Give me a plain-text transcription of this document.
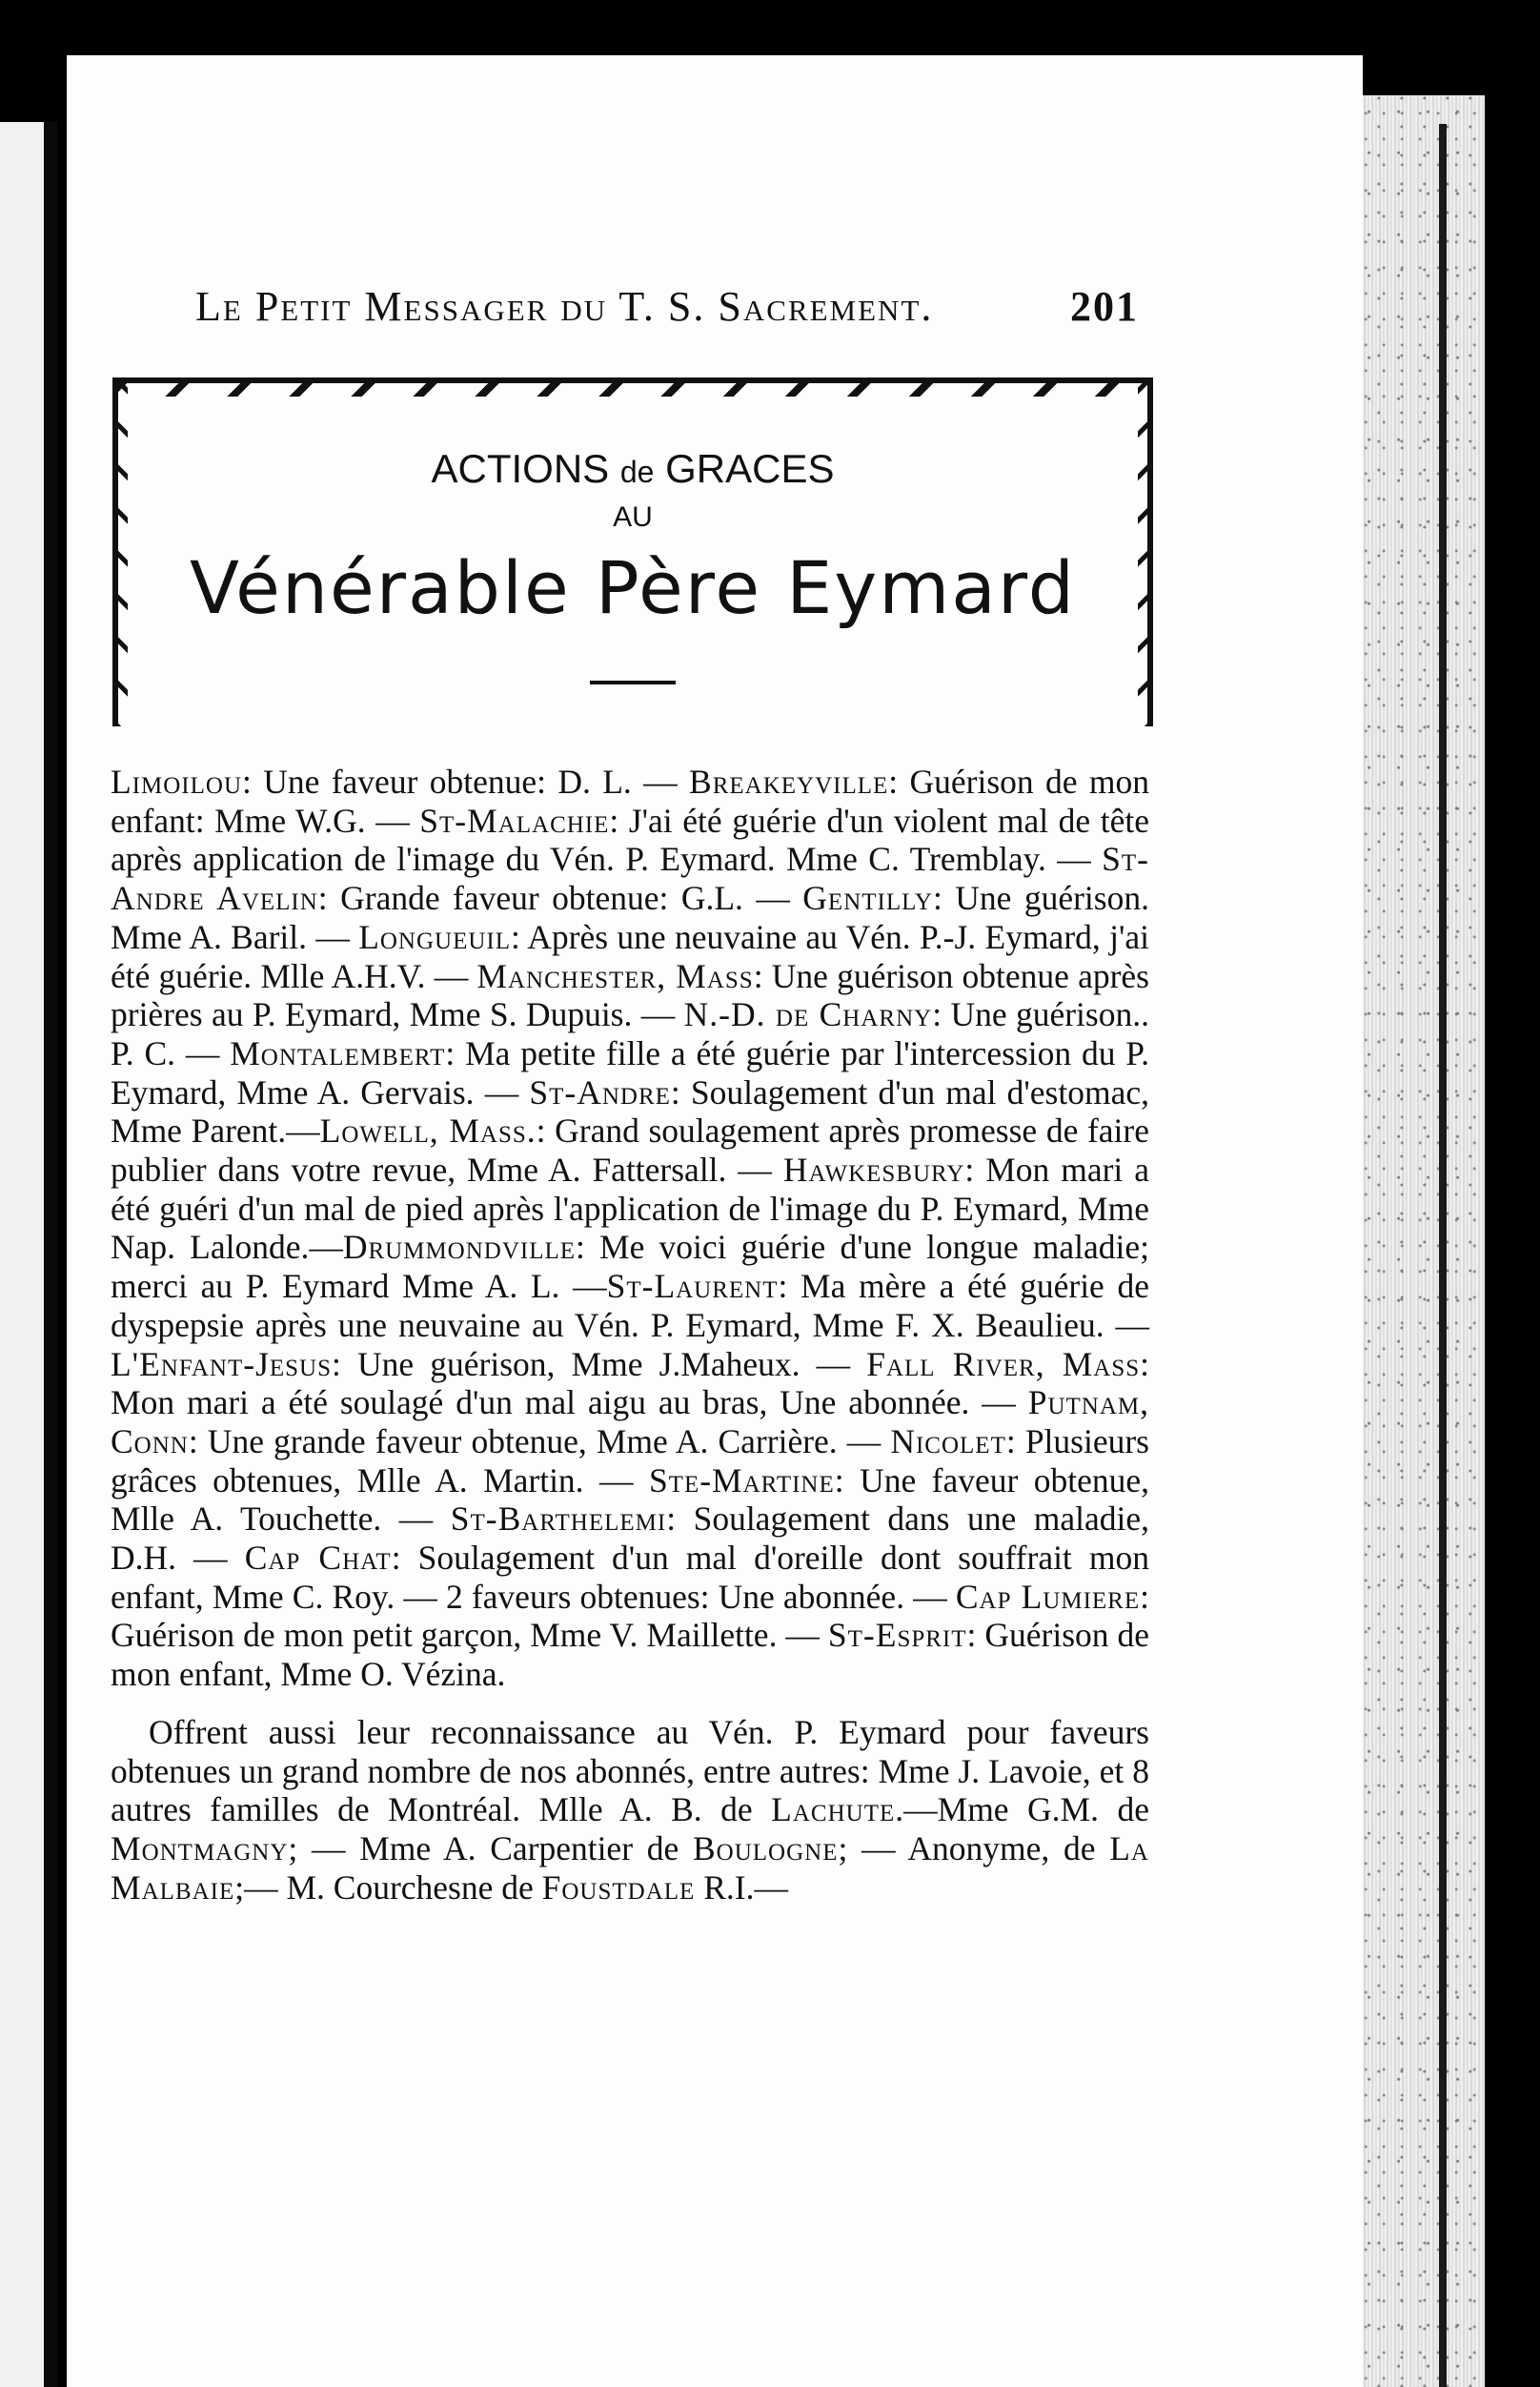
Le Petit Messager du T. S. Sacrement.	201
ACTIONS de GRACES
AU
Vénérable Père Eymard

Limoilou: Une faveur obtenue: D. L. — Breakeyville: Guérison de mon enfant: Mme W.G. — St-Malachie: J'ai été guérie d'un violent mal de tête après application de l'image du Vén. P. Eymard. Mme C. Tremblay. — St-Andre Avelin: Grande faveur obtenue: G.L. — Gentilly: Une guérison. Mme A. Baril. — Longueuil: Après une neuvaine au Vén. P.-J. Eymard, j'ai été guérie. Mlle A.H.V. — Manchester, Mass: Une guérison obtenue après prières au P. Eymard, Mme S. Dupuis. — N.-D. de Charny: Une guérison.. P. C. — Montalembert: Ma petite fille a été guérie par l'intercession du P. Eymard, Mme A. Gervais. — St-Andre: Soulagement d'un mal d'estomac, Mme Parent.—Lowell, Mass.: Grand soulagement après promesse de faire publier dans votre revue, Mme A. Fattersall. — Hawkesbury: Mon mari a été guéri d'un mal de pied après l'application de l'image du P. Eymard, Mme Nap. Lalonde.—Drummondville: Me voici guérie d'une longue maladie; merci au P. Eymard Mme A. L. —St-Laurent: Ma mère a été guérie de dyspepsie après une neuvaine au Vén. P. Eymard, Mme F. X. Beaulieu. — L'Enfant-Jesus: Une guérison, Mme J.Maheux. — Fall River, Mass: Mon mari a été soulagé d'un mal aigu au bras, Une abonnée. — Putnam, Conn: Une grande faveur obtenue, Mme A. Carrière. — Nicolet: Plusieurs grâces obtenues, Mlle A. Martin. — Ste-Martine: Une faveur obtenue, Mlle A. Touchette. — St-Barthelemi: Soulagement dans une maladie, D.H. — Cap Chat: Soulagement d'un mal d'oreille dont souffrait mon enfant, Mme C. Roy. — 2 faveurs obtenues: Une abonnée. — Cap Lumiere: Guérison de mon petit garçon, Mme V. Maillette. — St-Esprit: Guérison de mon enfant, Mme O. Vézina.

Offrent aussi leur reconnaissance au Vén. P. Eymard pour faveurs obtenues un grand nombre de nos abonnés, entre autres: Mme J. Lavoie, et 8 autres familles de Montréal. Mlle A. B. de Lachute.—Mme G.M. de Montmagny; — Mme A. Carpentier de Boulogne; — Anonyme, de La Malbaie;— M. Courchesne de Foustdale R.I.—
